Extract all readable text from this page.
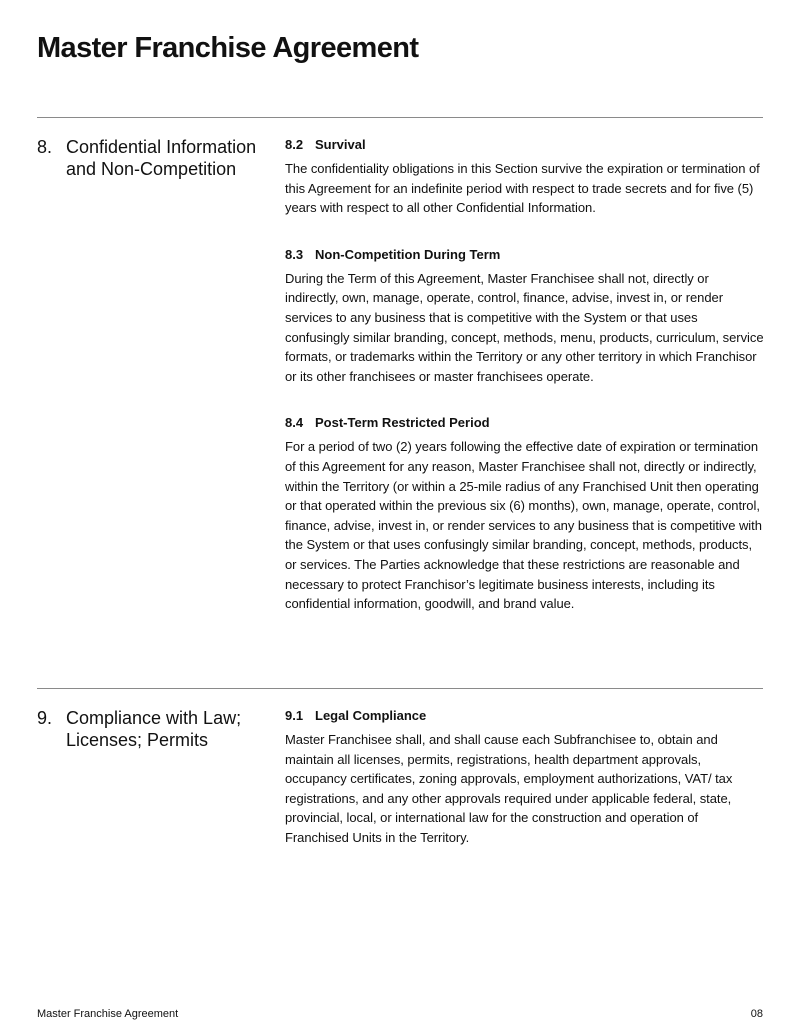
Master Franchise Agreement
8. Confidential Information and Non-Competition
8.2 Survival

The confidentiality obligations in this Section survive the expiration or termination of this Agreement for an indefinite period with respect to trade secrets and for five (5) years with respect to all other Confidential Information.

8.3 Non-Competition During Term

During the Term of this Agreement, Master Franchisee shall not, directly or indirectly, own, manage, operate, control, finance, advise, invest in, or render services to any business that is competitive with the System or that uses confusingly similar branding, concept, methods, menu, products, curriculum, service formats, or trademarks within the Territory or any other territory in which Franchisor or its other franchisees or master franchisees operate.

8.4 Post-Term Restricted Period

For a period of two (2) years following the effective date of expiration or termination of this Agreement for any reason, Master Franchisee shall not, directly or indirectly, within the Territory (or within a 25-mile radius of any Franchised Unit then operating or that operated within the previous six (6) months), own, manage, operate, control, finance, advise, invest in, or render services to any business that is competitive with the System or that uses confusingly similar branding, concept, methods, products, or services. The Parties acknowledge that these restrictions are reasonable and necessary to protect Franchisor’s legitimate business interests, including its confidential information, goodwill, and brand value.

9. Compliance with Law; Licenses; Permits
9.1 Legal Compliance

Master Franchisee shall, and shall cause each Subfranchisee to, obtain and maintain all licenses, permits, registrations, health department approvals, occupancy certificates, zoning approvals, employment authorizations, VAT/ tax registrations, and any other approvals required under applicable federal, state, provincial, local, or international law for the construction and operation of Franchised Units in the Territory.

Master Franchise Agreement	08
